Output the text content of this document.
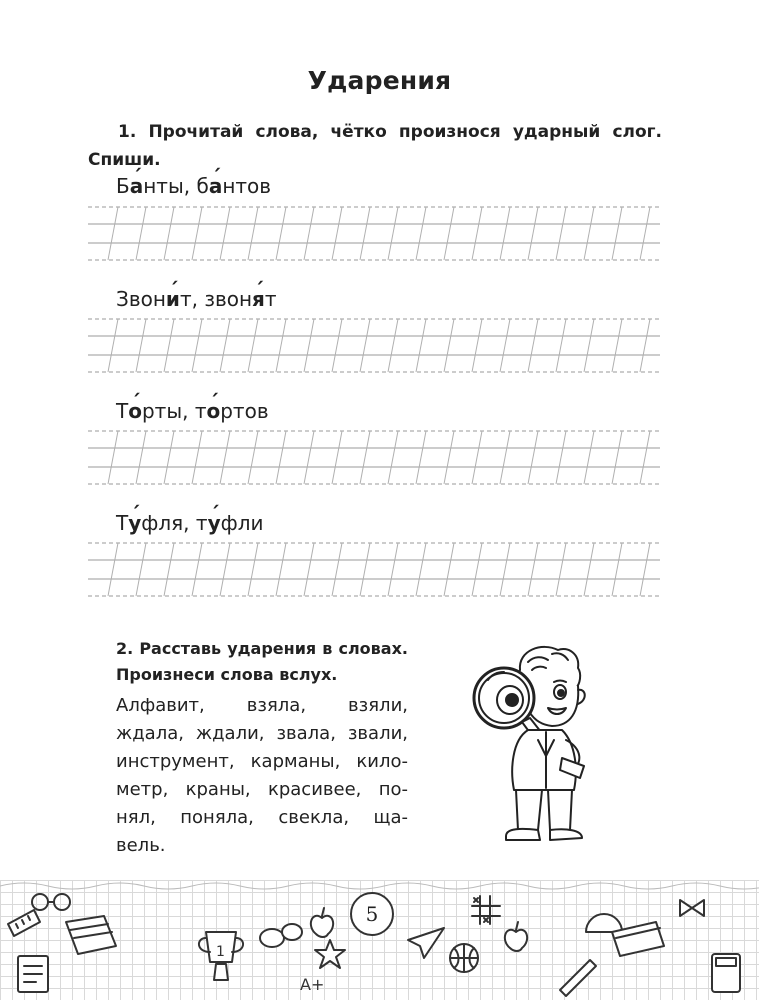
Ударения

1. Прочитай слова, чётко произнося ударный слог. Спиши.

Ба ´нты, ба ´нтов

Звони ´т, звоня ´т

То ´рты, то ´ртов

Ту ´фля, ту ´фли

2. Расставь ударения в словах. Произнеси слова вслух.

Алфавит, взяла, взяли,
ждала, ждали, звала, звали,
инструмент, карманы, кило-
метр, краны, красивее, по-
нял, поняла, свекла, ща-
вель.
1
A+
5
